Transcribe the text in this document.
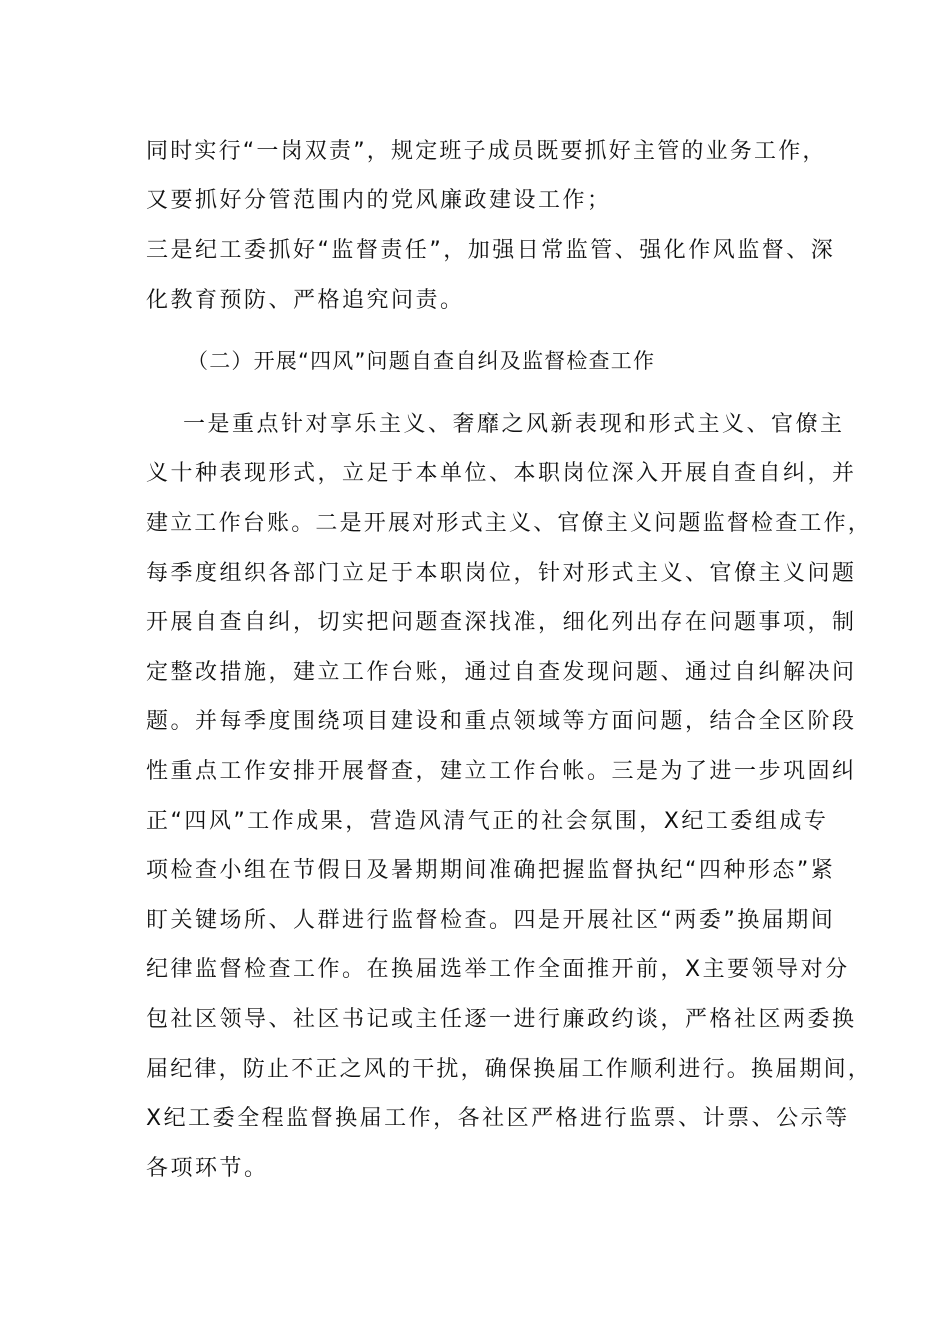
同时实行“一岗双责”，规定班子成员既要抓好主管的业务工作，
又要抓好分管范围内的党风廉政建设工作；
三是纪工委抓好“监督责任”，加强日常监管、强化作风监督、深
化教育预防、严格追究问责。
（二）开展“四风”问题自查自纠及监督检查工作
一是重点针对享乐主义、奢靡之风新表现和形式主义、官僚主
义十种表现形式，立足于本单位、本职岗位深入开展自查自纠，并
建立工作台账。二是开展对形式主义、官僚主义问题监督检查工作，
每季度组织各部门立足于本职岗位，针对形式主义、官僚主义问题
开展自查自纠，切实把问题查深找准，细化列出存在问题事项，制
定整改措施，建立工作台账，通过自查发现问题、通过自纠解决问
题。并每季度围绕项目建设和重点领域等方面问题，结合全区阶段
性重点工作安排开展督查，建立工作台帐。三是为了进一步巩固纠
正“四风”工作成果，营造风清气正的社会氛围，X纪工委组成专
项检查小组在节假日及暑期期间准确把握监督执纪“四种形态”紧
盯关键场所、人群进行监督检查。四是开展社区“两委”换届期间
纪律监督检查工作。在换届选举工作全面推开前，X主要领导对分
包社区领导、社区书记或主任逐一进行廉政约谈，严格社区两委换
届纪律，防止不正之风的干扰，确保换届工作顺利进行。换届期间，
X纪工委全程监督换届工作，各社区严格进行监票、计票、公示等
各项环节。
